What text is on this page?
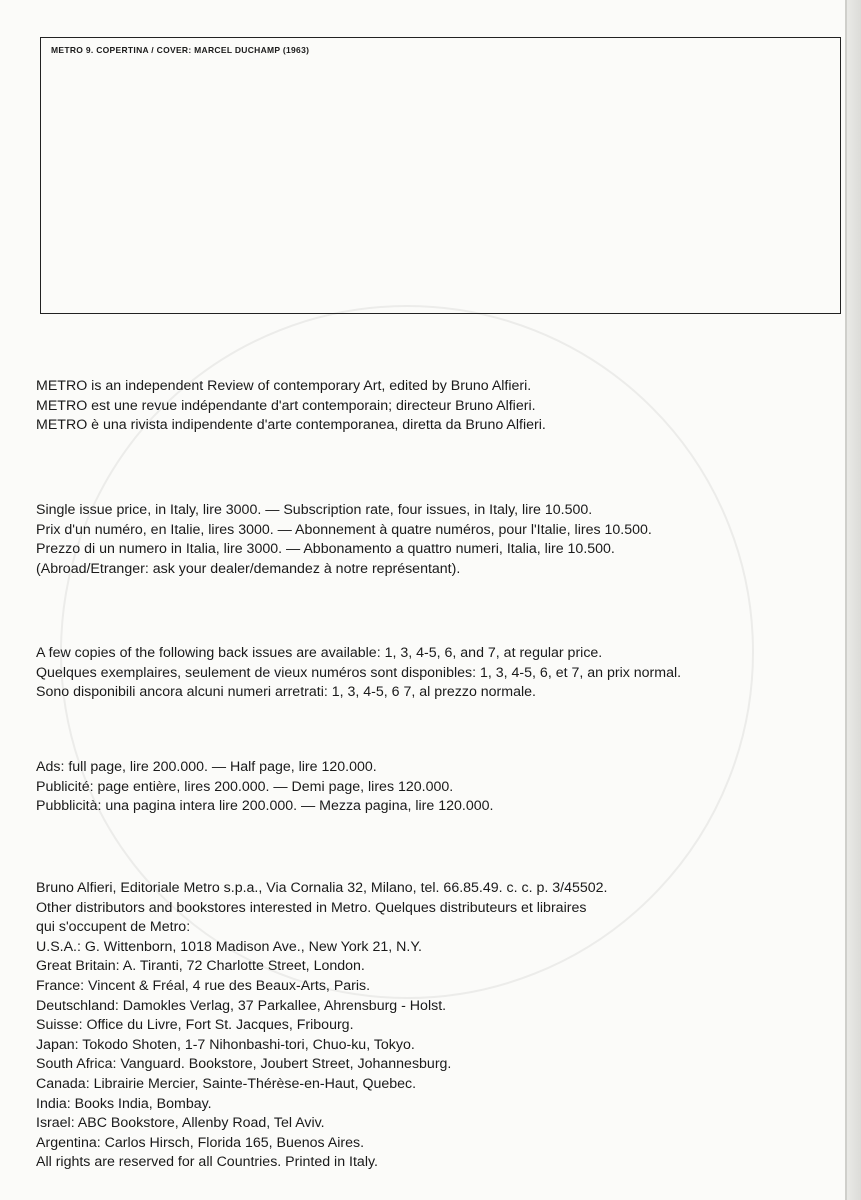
METRO 9. COPERTINA / COVER: MARCEL DUCHAMP (1963)
METRO is an independent Review of contemporary Art, edited by Bruno Alfieri.
METRO est une revue indépendante d'art contemporain; directeur Bruno Alfieri.
METRO è una rivista indipendente d'arte contemporanea, diretta da Bruno Alfieri.
Single issue price, in Italy, lire 3000. — Subscription rate, four issues, in Italy, lire 10.500.
Prix d'un numéro, en Italie, lires 3000. — Abonnement à quatre numéros, pour l'Italie, lires 10.500.
Prezzo di un numero in Italia, lire 3000. — Abbonamento a quattro numeri, Italia, lire 10.500.
(Abroad/Etranger: ask your dealer/demandez à notre représentant).
A few copies of the following back issues are available: 1, 3, 4-5, 6, and 7, at regular price.
Quelques exemplaires, seulement de vieux numéros sont disponibles: 1, 3, 4-5, 6, et 7, an prix normal.
Sono disponibili ancora alcuni numeri arretrati: 1, 3, 4-5, 6 7, al prezzo normale.
Ads: full page, lire 200.000. — Half page, lire 120.000.
Publicité: page entière, lires 200.000. — Demi page, lires 120.000.
Pubblicità: una pagina intera lire 200.000. — Mezza pagina, lire 120.000.
Bruno Alfieri, Editoriale Metro s.p.a., Via Cornalia 32, Milano, tel. 66.85.49. c. c. p. 3/45502.
Other distributors and bookstores interested in Metro. Quelques distributeurs et libraires
qui s'occupent de Metro:
U.S.A.: G. Wittenborn, 1018 Madison Ave., New York 21, N.Y.
Great Britain: A. Tiranti, 72 Charlotte Street, London.
France: Vincent & Fréal, 4 rue des Beaux-Arts, Paris.
Deutschland: Damokles Verlag, 37 Parkallee, Ahrensburg - Holst.
Suisse: Office du Livre, Fort St. Jacques, Fribourg.
Japan: Tokodo Shoten, 1-7 Nihonbashi-tori, Chuo-ku, Tokyo.
South Africa: Vanguard. Bookstore, Joubert Street, Johannesburg.
Canada: Librairie Mercier, Sainte-Thérèse-en-Haut, Quebec.
India: Books India, Bombay.
Israel: ABC Bookstore, Allenby Road, Tel Aviv.
Argentina: Carlos Hirsch, Florida 165, Buenos Aires.
All rights are reserved for all Countries. Printed in Italy.
